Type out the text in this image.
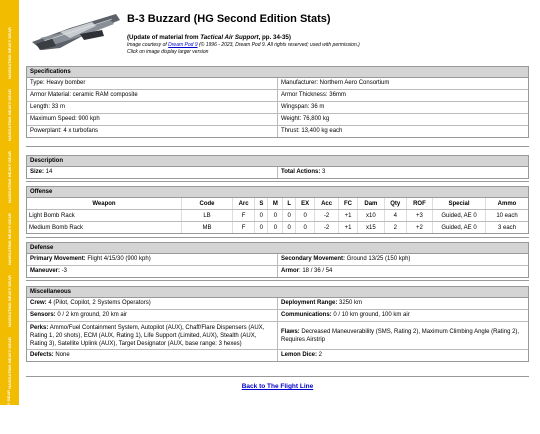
NAVIGATING HEAVY GEAR
NAVIGATING HEAVY GEAR
NAVIGATING HEAVY GEAR
NAVIGATING HEAVY GEAR
NAVIGATING HEAVY GEAR
NAVIGATING HEAVY GEAR
HEAVY GEAR
B-3 Buzzard (HG Second Edition Stats)
(Update of material from Tactical Air Support, pp. 34-35)
Image courtesy of Dream Pod 9 (© 1996 - 2023, Dream Pod 9. All rights reserved; used with permission.)
Click on image display larger version
Specifications
Type: Heavy bomber	Manufacturer: Northern Aero Consortium
Armor Material: ceramic RAM composite	Armor Thickness: 36mm
Length: 33 m	Wingspan: 36 m
Maximum Speed: 900 kph	Weight: 76,800 kg
Powerplant: 4 x turbofans	Thrust: 13,400 kg each
Description
Size: 14	Total Actions: 3
Offense
Weapon	Code	Arc	S	M	L	EX	Acc	FC	Dam	Qty	ROF	Special	Ammo
Light Bomb Rack	LB	F	0	0	0	0	-2	+1	x10	4	+3	Guided, AE 0	10 each
Medium Bomb Rack	MB	F	0	0	0	0	-2	+1	x15	2	+2	Guided, AE 0	3 each
Defense
Primary Movement: Flight 4/15/30 (900 kph)	Secondary Movement: Ground 13/25 (150 kph)
Maneuver: -3	Armor: 18 / 36 / 54
Miscellaneous
Crew: 4 (Pilot, Copilot, 2 Systems Operators)	Deployment Range: 3250 km
Sensors: 0 / 2 km ground, 20 km air	Communications: 0 / 10 km ground, 100 km air
Perks: Ammo/Fuel Containment System, Autopilot (AUX), Chaff/Flare Dispensers (AUX, Rating 1, 20 shots), ECM (AUX, Rating 1), Life Support (Limited, AUX), Stealth (AUX, Rating 3), Satellite Uplink (AUX), Target Designator (AUX, base range: 3 hexes)
Flaws: Decreased Maneuverability (SMS, Rating 2), Maximum Climbing Angle (Rating 2), Requires Airstrip
Defects: None	Lemon Dice: 2
Back to The Flight Line
